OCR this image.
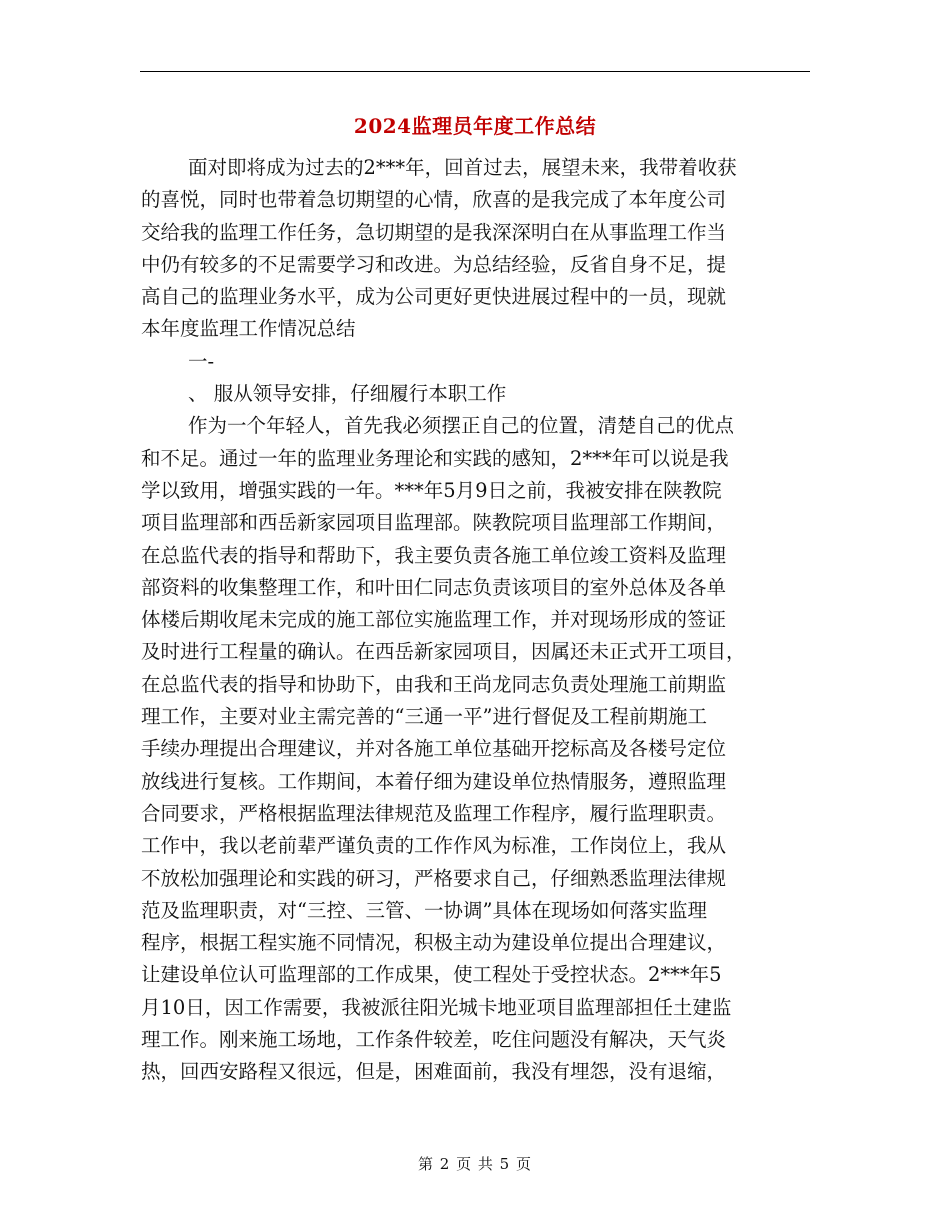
2024监理员年度工作总结
面对即将成为过去的2***年，回首过去，展望未来，我带着收获
的喜悦，同时也带着急切期望的心情，欣喜的是我完成了本年度公司
交给我的监理工作任务，急切期望的是我深深明白在从事监理工作当
中仍有较多的不足需要学习和改进。为总结经验，反省自身不足，提
高自己的监理业务水平，成为公司更好更快进展过程中的一员，现就
本年度监理工作情况总结
一-
、 服从领导安排，仔细履行本职工作
作为一个年轻人，首先我必须摆正自己的位置，清楚自己的优点
和不足。通过一年的监理业务理论和实践的感知，2***年可以说是我
学以致用，增强实践的一年。***年5月9日之前，我被安排在陕教院
项目监理部和西岳新家园项目监理部。陕教院项目监理部工作期间，
在总监代表的指导和帮助下，我主要负责各施工单位竣工资料及监理
部资料的收集整理工作，和叶田仁同志负责该项目的室外总体及各单
体楼后期收尾未完成的施工部位实施监理工作，并对现场形成的签证
及时进行工程量的确认。在西岳新家园项目，因属还未正式开工项目，
在总监代表的指导和协助下，由我和王尚龙同志负责处理施工前期监
理工作，主要对业主需完善的“三通一平”进行督促及工程前期施工
手续办理提出合理建议，并对各施工单位基础开挖标高及各楼号定位
放线进行复核。工作期间，本着仔细为建设单位热情服务，遵照监理
合同要求，严格根据监理法律规范及监理工作程序，履行监理职责。
工作中，我以老前辈严谨负责的工作作风为标准，工作岗位上，我从
不放松加强理论和实践的研习，严格要求自己，仔细熟悉监理法律规
范及监理职责，对“三控、三管、一协调”具体在现场如何落实监理
程序，根据工程实施不同情况，积极主动为建设单位提出合理建议，
让建设单位认可监理部的工作成果，使工程处于受控状态。2***年5
月10日，因工作需要，我被派往阳光城卡地亚项目监理部担任土建监
理工作。刚来施工场地，工作条件较差，吃住问题没有解决，天气炎
热，回西安路程又很远，但是，困难面前，我没有埋怨，没有退缩，
第 2 页 共 5 页
